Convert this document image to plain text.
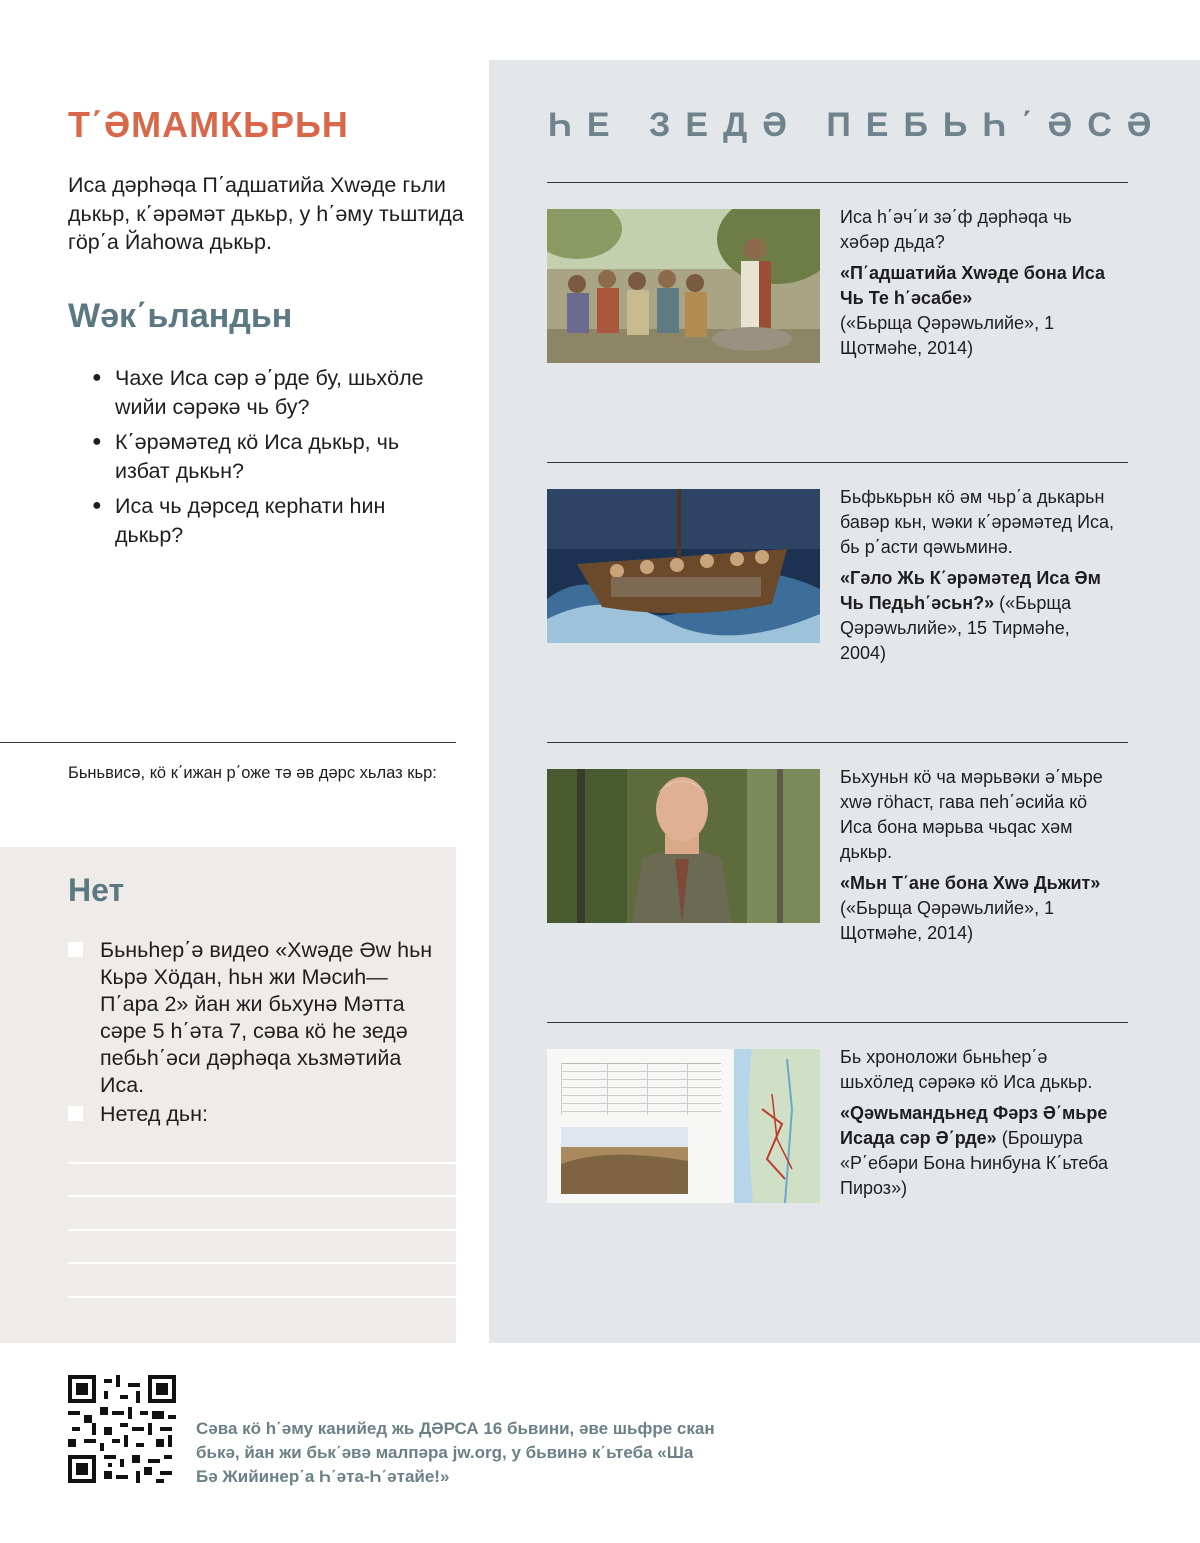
Т΄ӘМАМКЬРЬН
Иса дәрһәԛа П΄адшатийа Хwәде гьли дькьр, к΄әрәмәт дькьр, у һ΄әму тьштида гӧр΄а Йаһоwа дькьр.
Wәк΄ьландьн
● Чахе Иса сәр ә΄рде бу, шьхӧле wийи сәрәкә чь бу?
● К΄әрәмәтед кӧ Иса дькьр, чь избат дькьн?
● Иса чь дәрсед керһати һин дькьр?
Бьньвисә, кӧ к΄ижан р΄оже тә әв дәрс хьлаз кьр:
Нет
Бьньһер΄ә видео «Хwәде Әw һьн Кьрә Хӧдан, һьн жи Мәсиһ—П΄ара 2» йан жи бьхунә Мәтта сәре 5 һ΄әта 7, сәва кӧ һе зедә пебьһ΄әси дәрһәԛа хьзмәтийа Иса.
Нетед дьн:
ҺЕ ЗЕДӘ ПЕБЬҺ΄ӘСӘ

Иса һ΄әч΄и зә΄ф дәрһәԛа чь хәбәр дьда?

«П΄адшатийа Хwәде бона Иса Чь Те һ΄әсабе»
(«Бьрща Ԛәрәwьлийе», 1 Щотмәһе, 2014)

Бьфькьрьн кӧ әм чьр΄а дькарьн бавәр кьн, wәки к΄әрәмәтед Иса, бь р΄асти ԛәwьминә.

«Гәло Жь К΄әрәмәтед Иса Әм Чь Педьһ΄әсьн?» («Бьрща Ԛәрәwьлийе», 15 Тирмәһе, 2004)

Бьхуньн кӧ ча мәрьвәки ә΄мьре хwә гӧһаст, гава пеһ΄әсийа кӧ Иса бона мәрьва чьԛас хәм дькьр.

«Мьн Т΄ане бона Хwә Дьжит»
(«Бьрща Ԛәрәwьлийе», 1 Щотмәһе, 2014)

Бь хроноложи бьньһер΄ә шьхӧлед сәрәкә кӧ Иса дькьр.

«Ԛәwьмандьнед Фәрз Ә΄мьре Исада сәр Ә΄рде» (Брошура «Р΄ебәри Бона Һинбуна К΄ьтеба Пироз»)

Сәва кӧ һ΄әму канийед жь ДӘРСА 16 бьвини, әве шьфре скан бькә, йан жи бьк΄әвә малпәра jw.org, у бьвинә к΄ьтеба «Ша Бә Жийинер΄а Һ΄әта-Һ΄әтайе!»
